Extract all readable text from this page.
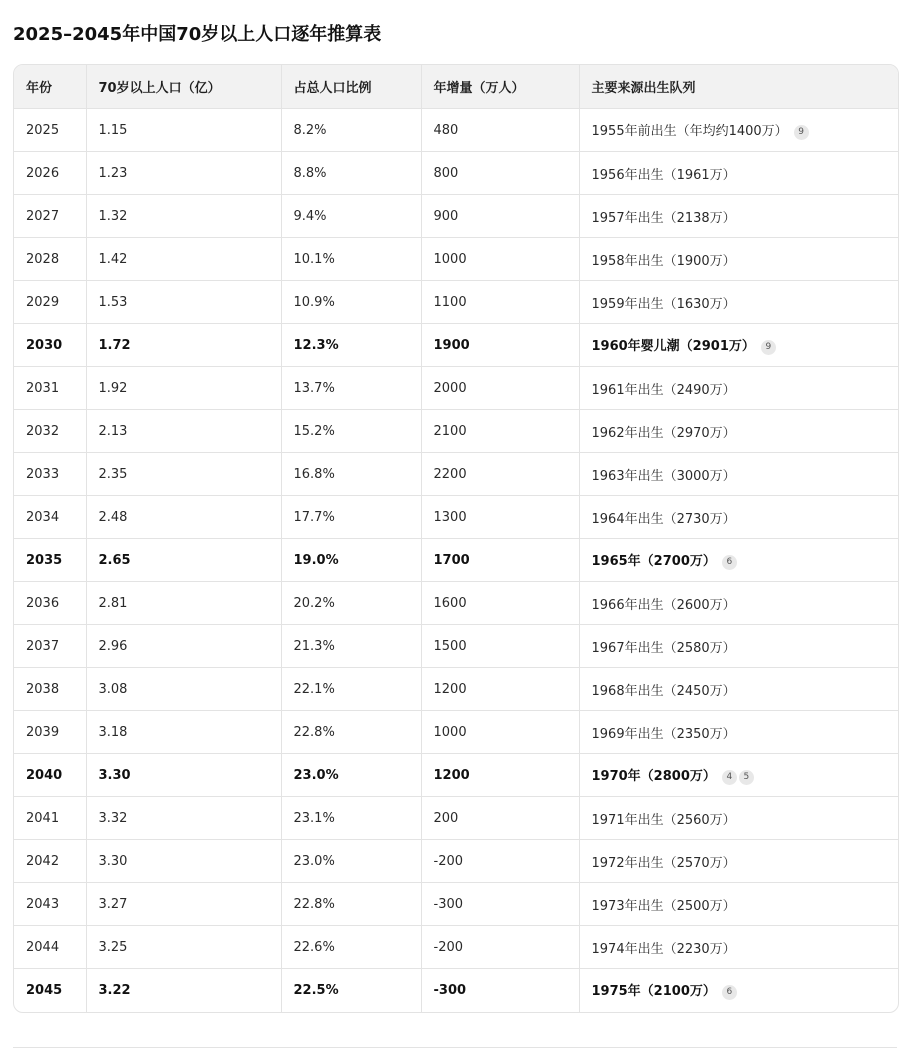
2025–2045年中国70岁以上人口逐年推算表
年份	70岁以上人口（亿）	占总人口比例	年增量（万人）	主要来源出生队列
2025	1.15	8.2%	480	1955年前出生（年均约1400万） 9
2026	1.23	8.8%	800	1956年出生（1961万）
2027	1.32	9.4%	900	1957年出生（2138万）
2028	1.42	10.1%	1000	1958年出生（1900万）
2029	1.53	10.9%	1100	1959年出生（1630万）
2030	1.72	12.3%	1900	1960年婴儿潮（2901万） 9
2031	1.92	13.7%	2000	1961年出生（2490万）
2032	2.13	15.2%	2100	1962年出生（2970万）
2033	2.35	16.8%	2200	1963年出生（3000万）
2034	2.48	17.7%	1300	1964年出生（2730万）
2035	2.65	19.0%	1700	1965年（2700万） 6
2036	2.81	20.2%	1600	1966年出生（2600万）
2037	2.96	21.3%	1500	1967年出生（2580万）
2038	3.08	22.1%	1200	1968年出生（2450万）
2039	3.18	22.8%	1000	1969年出生（2350万）
2040	3.30	23.0%	1200	1970年（2800万） 4 5
2041	3.32	23.1%	200	1971年出生（2560万）
2042	3.30	23.0%	-200	1972年出生（2570万）
2043	3.27	22.8%	-300	1973年出生（2500万）
2044	3.25	22.6%	-200	1974年出生（2230万）
2045	3.22	22.5%	-300	1975年（2100万） 6
